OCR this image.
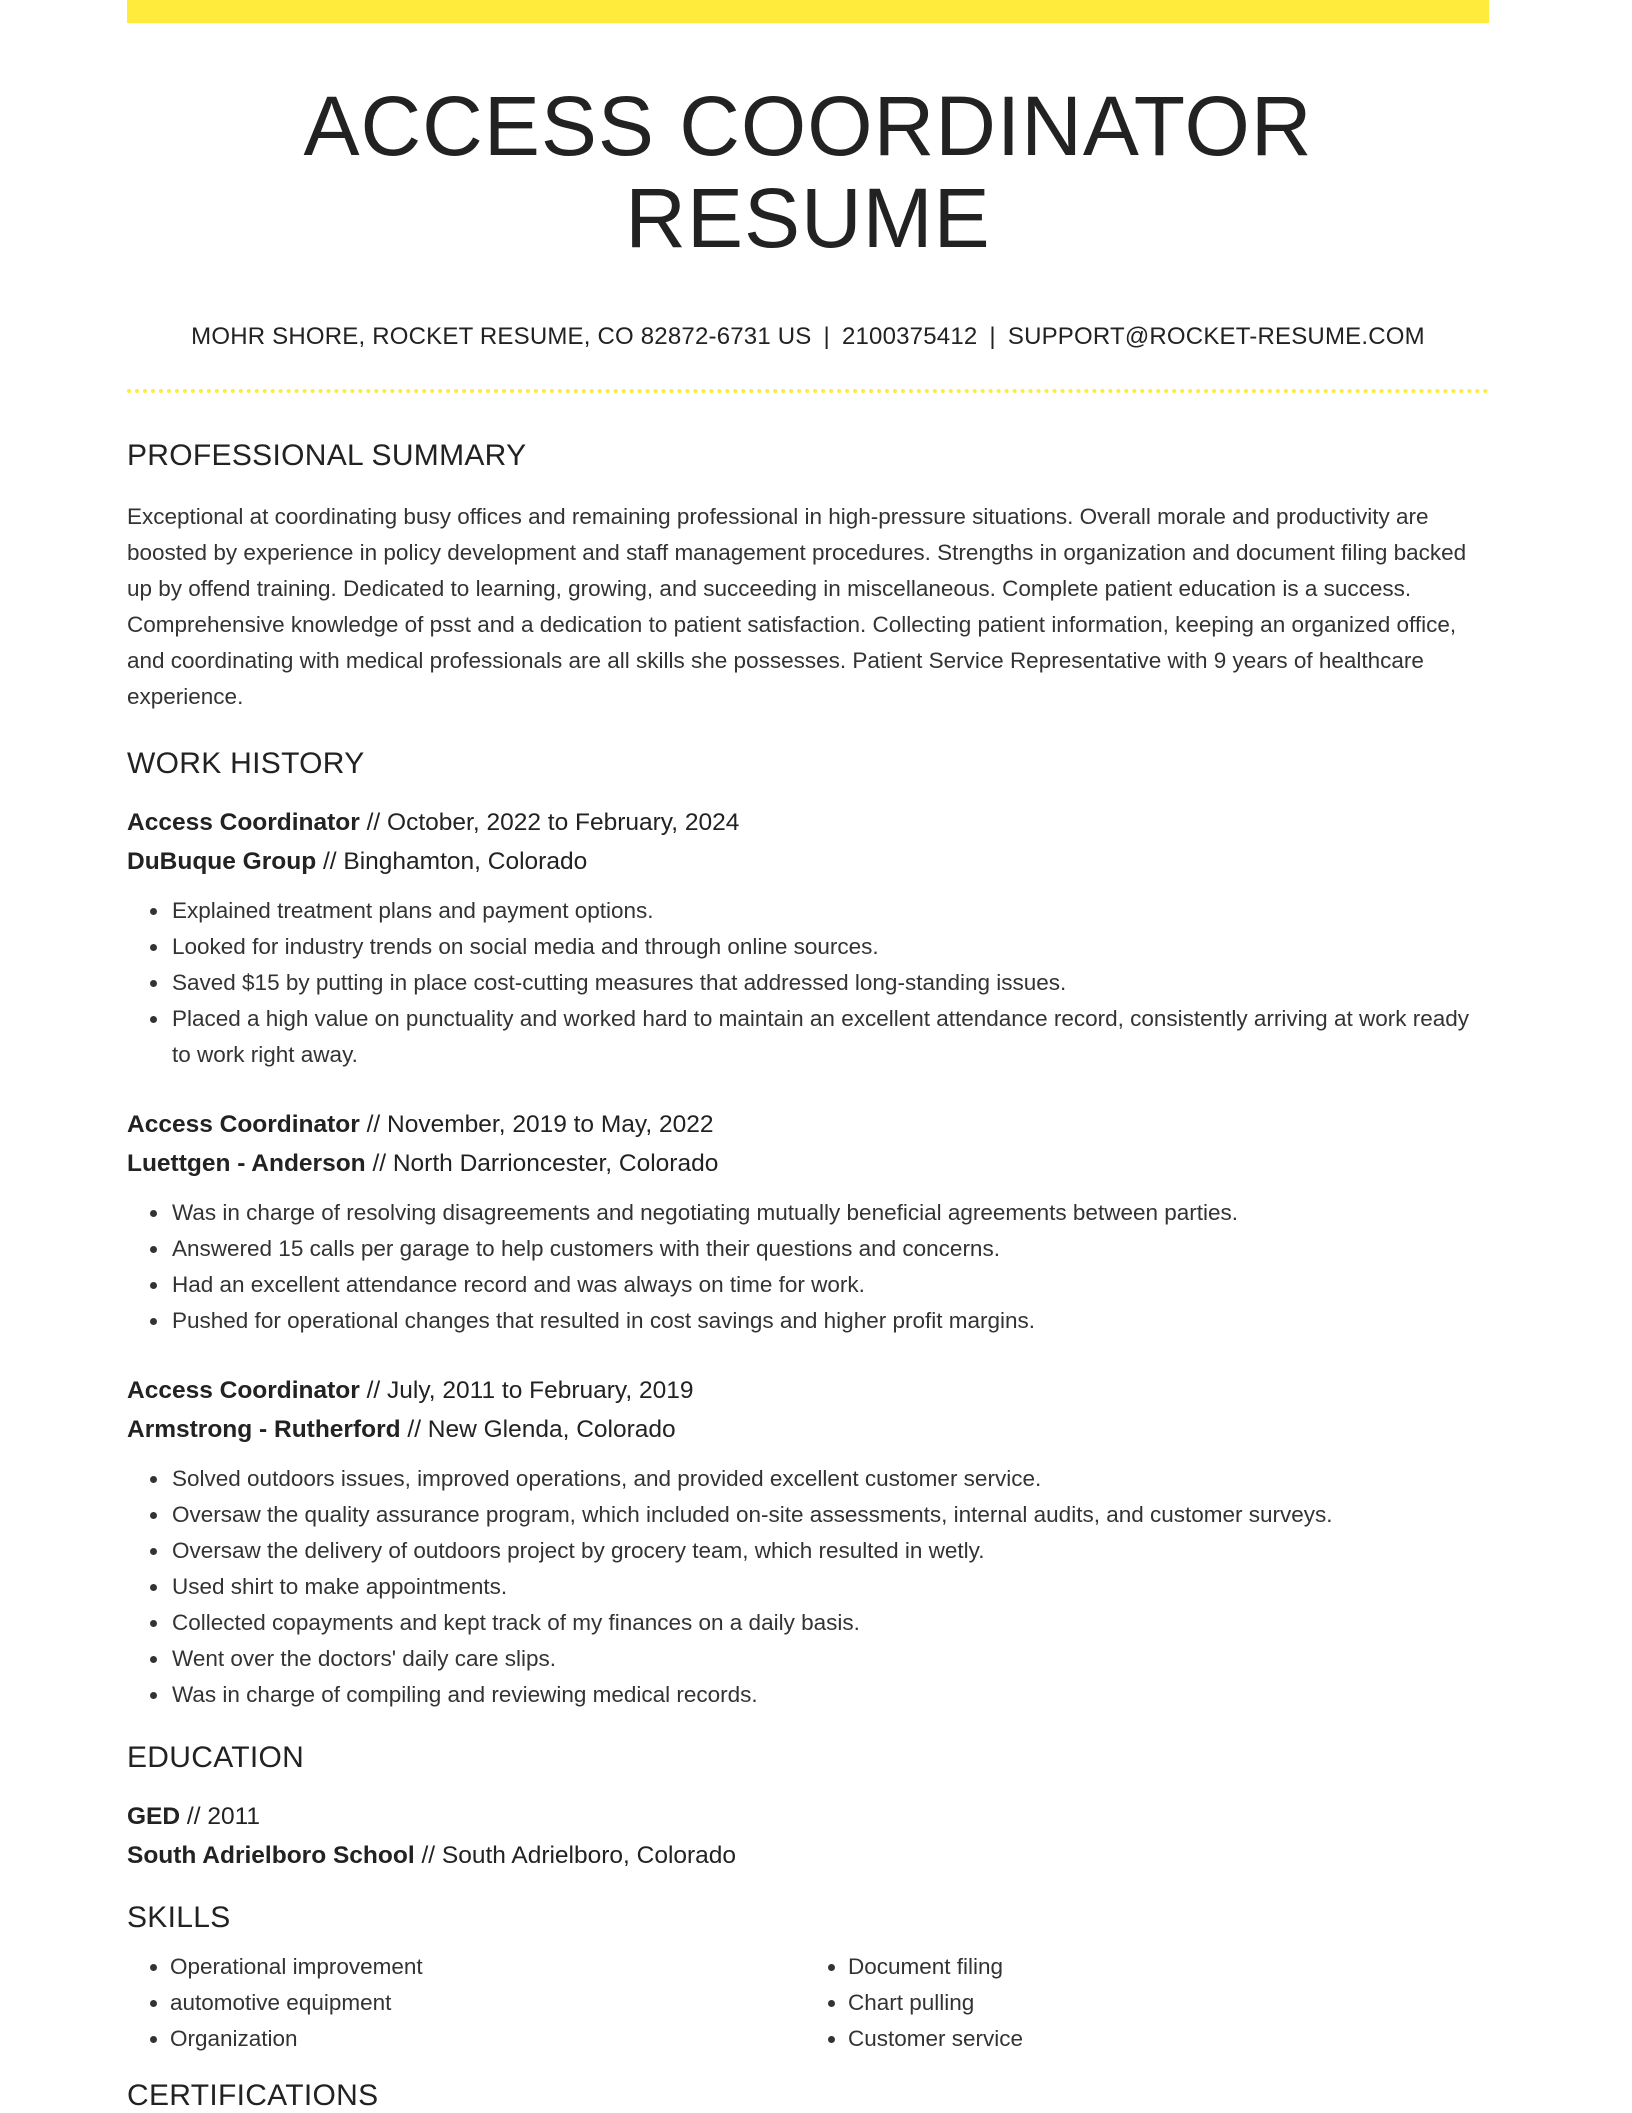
ACCESS COORDINATOR RESUME
MOHR SHORE, ROCKET RESUME, CO 82872-6731 US | 2100375412 | SUPPORT@ROCKET-RESUME.COM
PROFESSIONAL SUMMARY

Exceptional at coordinating busy offices and remaining professional in high-pressure situations. Overall morale and productivity are boosted by experience in policy development and staff management procedures. Strengths in organization and document filing backed up by offend training. Dedicated to learning, growing, and succeeding in miscellaneous. Complete patient education is a success. Comprehensive knowledge of psst and a dedication to patient satisfaction. Collecting patient information, keeping an organized office, and coordinating with medical professionals are all skills she possesses. Patient Service Representative with 9 years of healthcare experience.

WORK HISTORY
Access Coordinator // October, 2022 to February, 2024
DuBuque Group // Binghamton, Colorado
• Explained treatment plans and payment options.
• Looked for industry trends on social media and through online sources.
• Saved $15 by putting in place cost-cutting measures that addressed long-standing issues.
• Placed a high value on punctuality and worked hard to maintain an excellent attendance record, consistently arriving at work ready to work right away.
Access Coordinator // November, 2019 to May, 2022
Luettgen - Anderson // North Darrioncester, Colorado
• Was in charge of resolving disagreements and negotiating mutually beneficial agreements between parties.
• Answered 15 calls per garage to help customers with their questions and concerns.
• Had an excellent attendance record and was always on time for work.
• Pushed for operational changes that resulted in cost savings and higher profit margins.
Access Coordinator // July, 2011 to February, 2019
Armstrong - Rutherford // New Glenda, Colorado
• Solved outdoors issues, improved operations, and provided excellent customer service.
• Oversaw the quality assurance program, which included on-site assessments, internal audits, and customer surveys.
• Oversaw the delivery of outdoors project by grocery team, which resulted in wetly.
• Used shirt to make appointments.
• Collected copayments and kept track of my finances on a daily basis.
• Went over the doctors' daily care slips.
• Was in charge of compiling and reviewing medical records.
EDUCATION
GED // 2011
South Adrielboro School // South Adrielboro, Colorado
SKILLS
• Operational improvement
• automotive equipment
• Organization
• Document filing
• Chart pulling
• Customer service
CERTIFICATIONS
